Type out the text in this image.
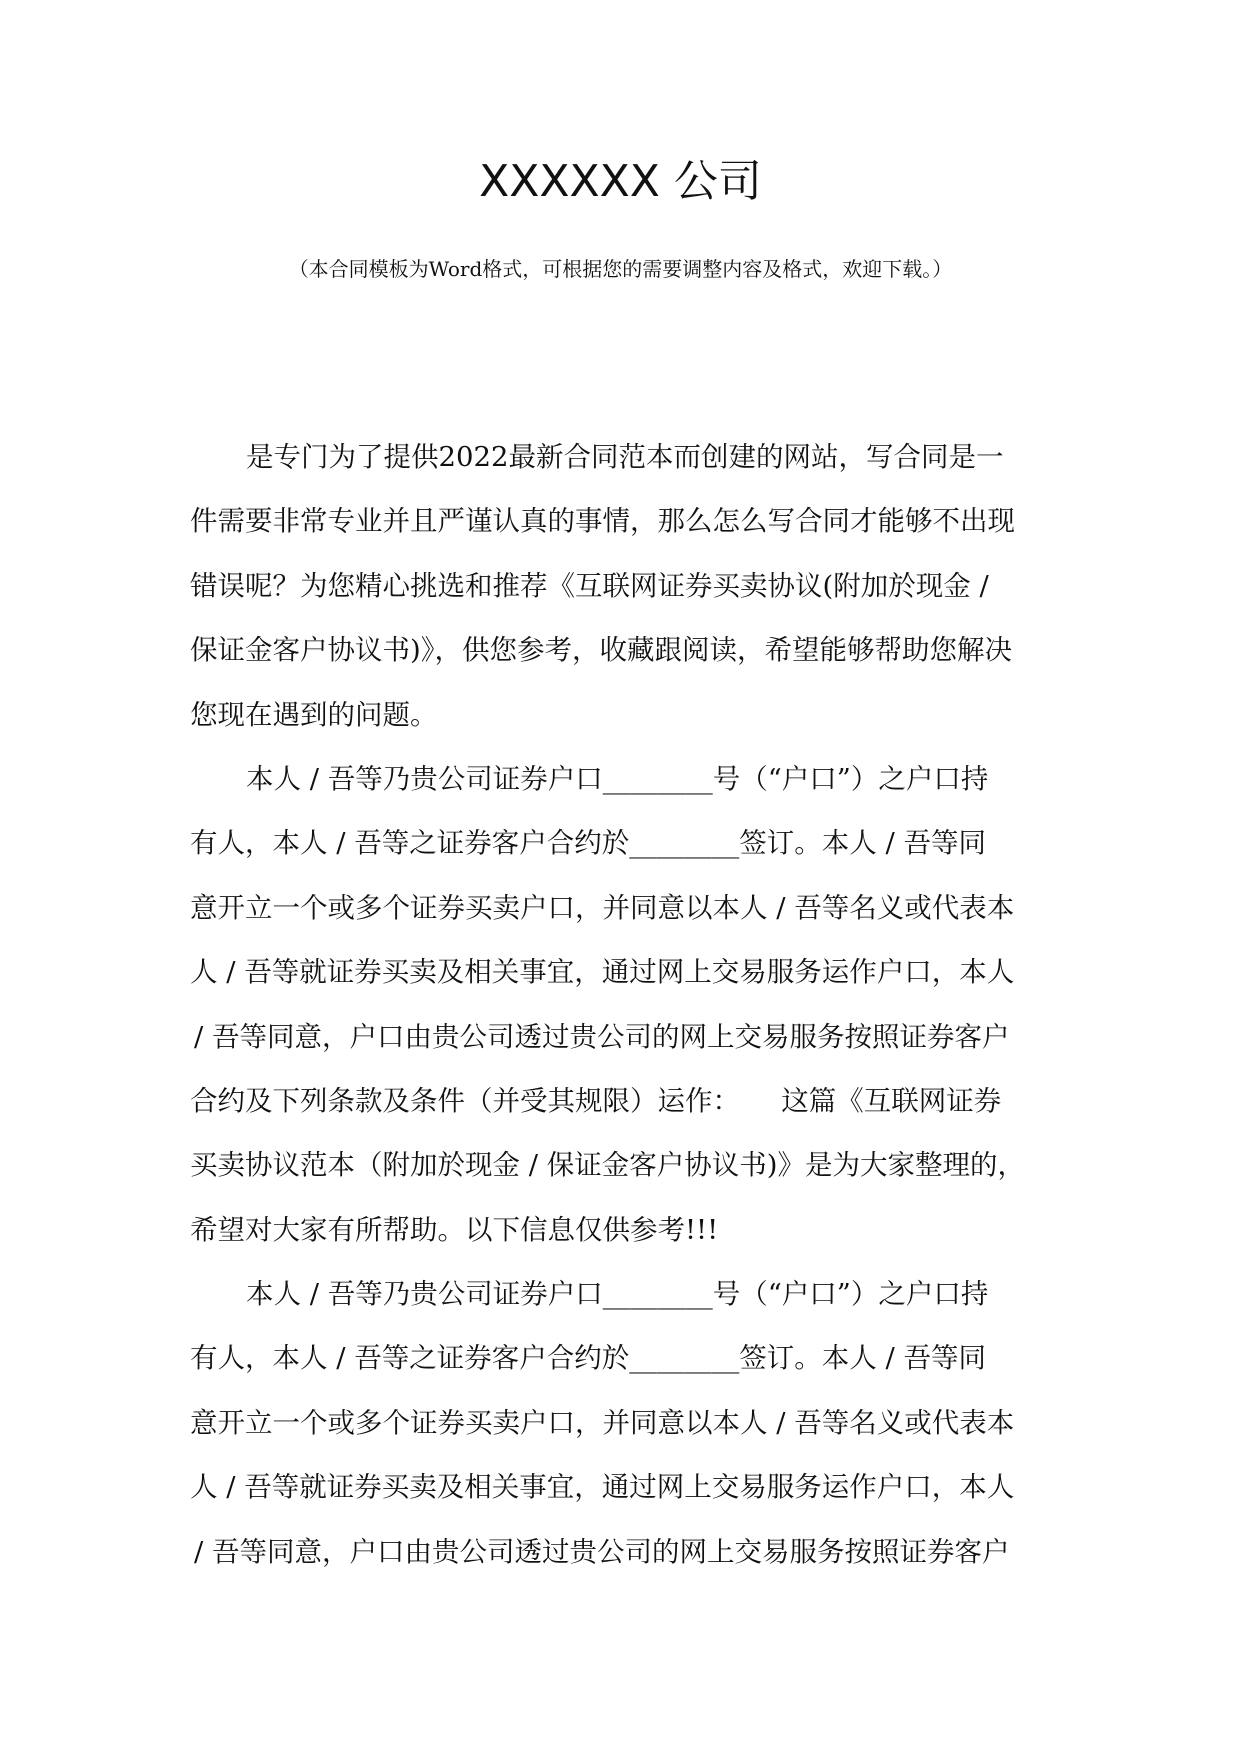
XXXXXX 公司
（本合同模板为Word格式，可根据您的需要调整内容及格式，欢迎下载。）
是专门为了提供2022最新合同范本而创建的网站，写合同是一
件需要非常专业并且严谨认真的事情，那么怎么写合同才能够不出现
错误呢？为您精心挑选和推荐《互联网证券买卖协议(附加於现金 /
保证金客户协议书)》，供您参考，收藏跟阅读，希望能够帮助您解决
您现在遇到的问题。
本人 / 吾等乃贵公司证券户口________号（“户口”）之户口持
有人，本人 / 吾等之证券客户合约於________签订。本人 / 吾等同
意开立一个或多个证券买卖户口，并同意以本人 / 吾等名义或代表本
人 / 吾等就证券买卖及相关事宜，通过网上交易服务运作户口，本人
/ 吾等同意，户口由贵公司透过贵公司的网上交易服务按照证券客户
合约及下列条款及条件（并受其规限）运作：　　这篇《互联网证券
买卖协议范本（附加於现金 / 保证金客户协议书)》是为大家整理的，
希望对大家有所帮助。以下信息仅供参考!!!
本人 / 吾等乃贵公司证券户口________号（“户口”）之户口持
有人，本人 / 吾等之证券客户合约於________签订。本人 / 吾等同
意开立一个或多个证券买卖户口，并同意以本人 / 吾等名义或代表本
人 / 吾等就证券买卖及相关事宜，通过网上交易服务运作户口，本人
/ 吾等同意，户口由贵公司透过贵公司的网上交易服务按照证券客户
